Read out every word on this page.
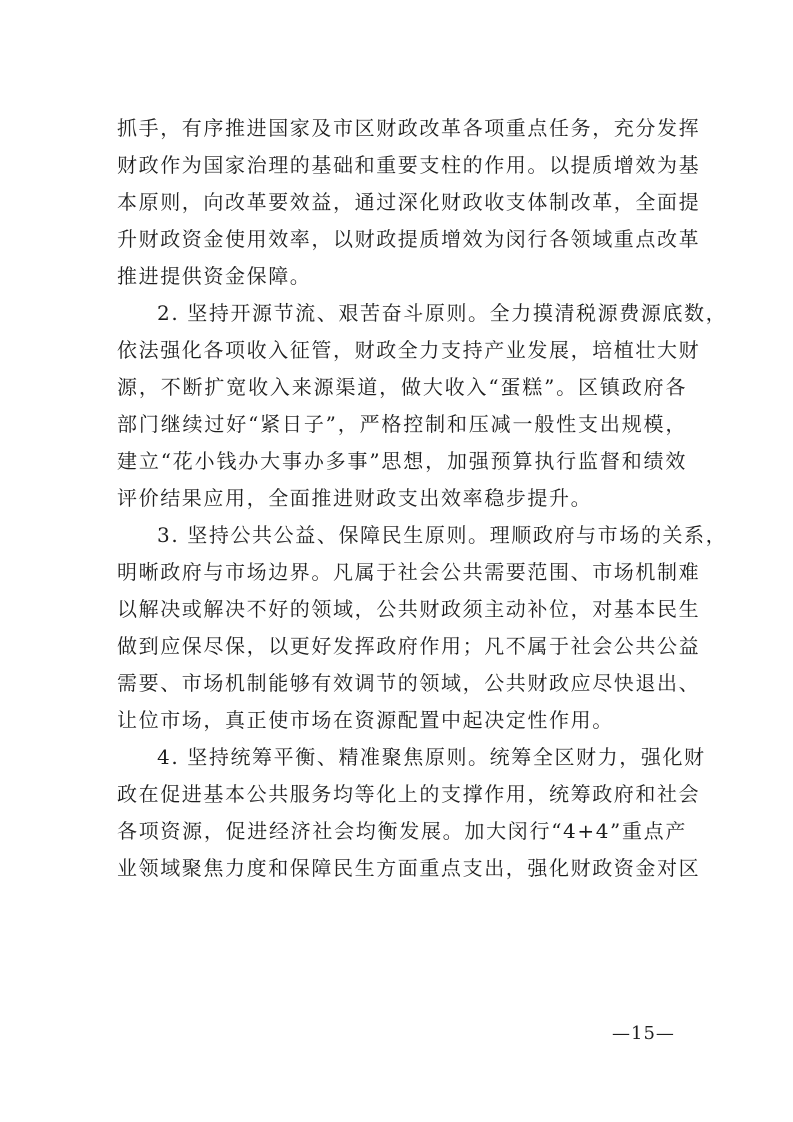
抓手，有序推进国家及市区财政改革各项重点任务，充分发挥
财政作为国家治理的基础和重要支柱的作用。以提质增效为基
本原则，向改革要效益，通过深化财政收支体制改革，全面提
升财政资金使用效率，以财政提质增效为闵行各领域重点改革
推进提供资金保障。
2. 坚持开源节流、艰苦奋斗原则。全力摸清税源费源底数，
依法强化各项收入征管，财政全力支持产业发展，培植壮大财
源，不断扩宽收入来源渠道，做大收入“蛋糕”。区镇政府各
部门继续过好“紧日子”，严格控制和压减一般性支出规模，
建立“花小钱办大事办多事”思想，加强预算执行监督和绩效
评价结果应用，全面推进财政支出效率稳步提升。
3. 坚持公共公益、保障民生原则。理顺政府与市场的关系，
明晰政府与市场边界。凡属于社会公共需要范围、市场机制难
以解决或解决不好的领域，公共财政须主动补位，对基本民生
做到应保尽保，以更好发挥政府作用；凡不属于社会公共公益
需要、市场机制能够有效调节的领域，公共财政应尽快退出、
让位市场，真正使市场在资源配置中起决定性作用。
4. 坚持统筹平衡、精准聚焦原则。统筹全区财力，强化财
政在促进基本公共服务均等化上的支撑作用，统筹政府和社会
各项资源，促进经济社会均衡发展。加大闵行“4+4”重点产
业领域聚焦力度和保障民生方面重点支出，强化财政资金对区
—15—
